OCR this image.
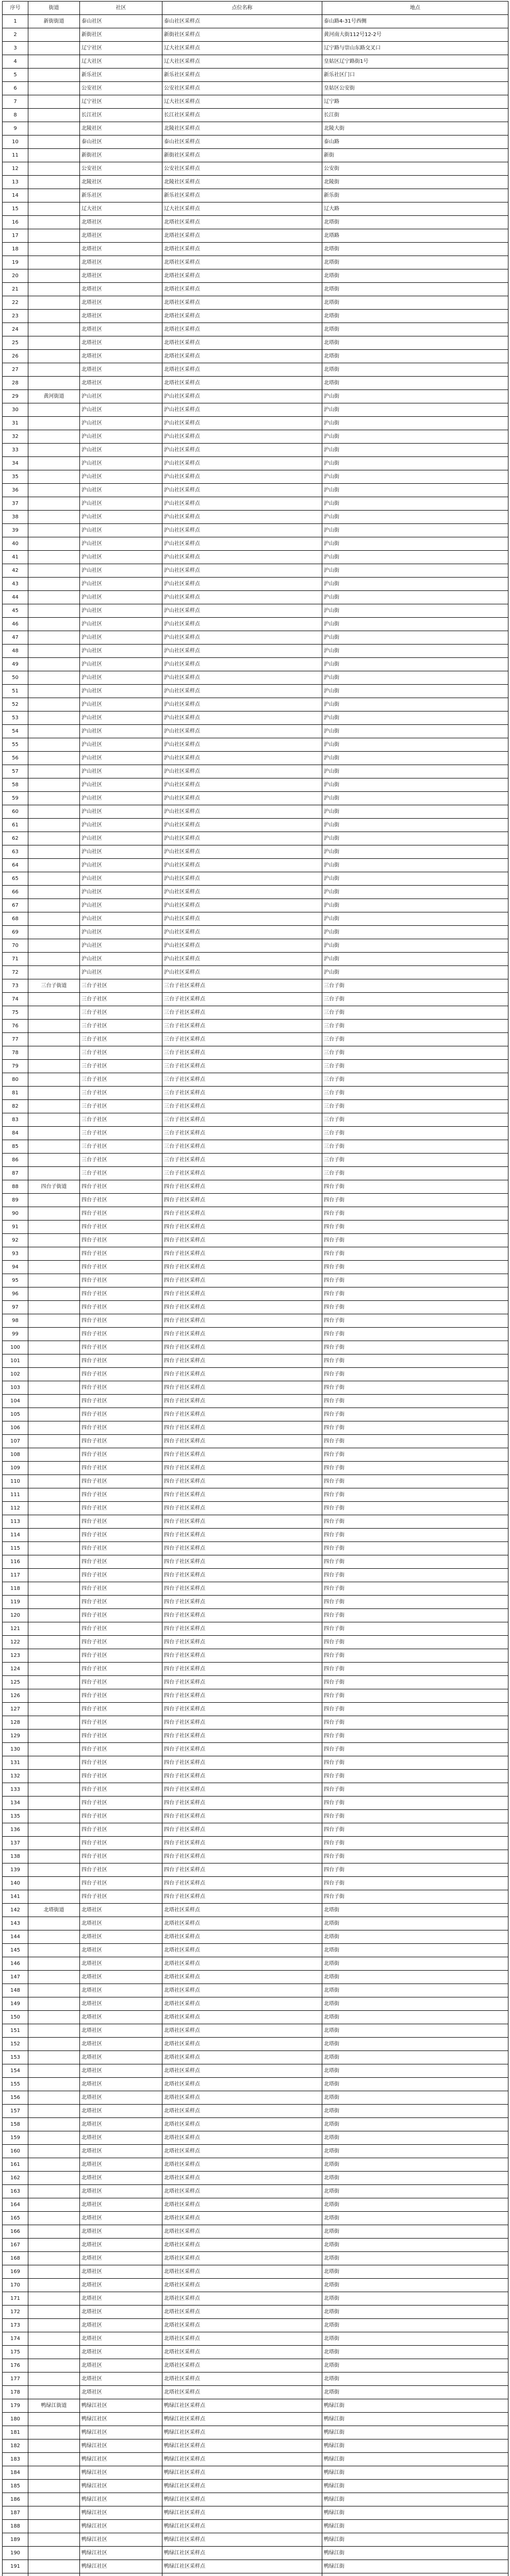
序号	街道	社区	点位名称	地点
1	新街街道	泰山社区	泰山社区采样点	泰山路4-31号西侧
2		新街社区	新街社区采样点	黄河南大街112号12-2号
3		辽宁社区	辽大社区采样点	辽宁路与崇山东路交叉口
4		辽大社区	辽大社区采样点	皇姑区辽宁路街1号
5		新乐社区	新乐社区采样点	新乐社区门口
6		公安社区	公安社区采样点	皇姑区公安街
7		辽宁社区	辽大社区采样点	辽宁路
8		长江社区	长江社区采样点	长江街
9		北陵社区	北陵社区采样点	北陵大街
10		泰山社区	泰山社区采样点	泰山路
11		新街社区	新街社区采样点	新街
12		公安社区	公安社区采样点	公安街
13		北陵社区	北陵社区采样点	北陵街
14		新乐社区	新乐社区采样点	新乐街
15		辽大社区	辽大社区采样点	辽大路
16		北塔社区	北塔社区采样点	北塔街
17		北塔社区	北塔社区采样点	北塔路
18		北塔社区	北塔社区采样点	北塔街
19		北塔社区	北塔社区采样点	北塔街
20		北塔社区	北塔社区采样点	北塔街
21		北塔社区	北塔社区采样点	北塔街
22		北塔社区	北塔社区采样点	北塔街
23		北塔社区	北塔社区采样点	北塔街
24		北塔社区	北塔社区采样点	北塔街
25		北塔社区	北塔社区采样点	北塔街
26		北塔社区	北塔社区采样点	北塔街
27		北塔社区	北塔社区采样点	北塔街
28		北塔社区	北塔社区采样点	北塔街
29	黄河街道	沪山社区	沪山社区采样点	沪山街
30		沪山社区	沪山社区采样点	沪山街
31		沪山社区	沪山社区采样点	沪山街
32		沪山社区	沪山社区采样点	沪山街
33		沪山社区	沪山社区采样点	沪山街
34		沪山社区	沪山社区采样点	沪山街
35		沪山社区	沪山社区采样点	沪山街
36		沪山社区	沪山社区采样点	沪山街
37		沪山社区	沪山社区采样点	沪山街
38		沪山社区	沪山社区采样点	沪山街
39		沪山社区	沪山社区采样点	沪山街
40		沪山社区	沪山社区采样点	沪山街
41		沪山社区	沪山社区采样点	沪山街
42		沪山社区	沪山社区采样点	沪山街
43		沪山社区	沪山社区采样点	沪山街
44		沪山社区	沪山社区采样点	沪山街
45		沪山社区	沪山社区采样点	沪山街
46		沪山社区	沪山社区采样点	沪山街
47		沪山社区	沪山社区采样点	沪山街
48		沪山社区	沪山社区采样点	沪山街
49		沪山社区	沪山社区采样点	沪山街
50		沪山社区	沪山社区采样点	沪山街
51		沪山社区	沪山社区采样点	沪山街
52		沪山社区	沪山社区采样点	沪山街
53		沪山社区	沪山社区采样点	沪山街
54		沪山社区	沪山社区采样点	沪山街
55		沪山社区	沪山社区采样点	沪山街
56		沪山社区	沪山社区采样点	沪山街
57		沪山社区	沪山社区采样点	沪山街
58		沪山社区	沪山社区采样点	沪山街
59		沪山社区	沪山社区采样点	沪山街
60		沪山社区	沪山社区采样点	沪山街
61		沪山社区	沪山社区采样点	沪山街
62		沪山社区	沪山社区采样点	沪山街
63		沪山社区	沪山社区采样点	沪山街
64		沪山社区	沪山社区采样点	沪山街
65		沪山社区	沪山社区采样点	沪山街
66		沪山社区	沪山社区采样点	沪山街
67		沪山社区	沪山社区采样点	沪山街
68		沪山社区	沪山社区采样点	沪山街
69		沪山社区	沪山社区采样点	沪山街
70		沪山社区	沪山社区采样点	沪山街
71		沪山社区	沪山社区采样点	沪山街
72		沪山社区	沪山社区采样点	沪山街
73	三台子街道	三台子社区	三台子社区采样点	三台子街
74		三台子社区	三台子社区采样点	三台子街
75		三台子社区	三台子社区采样点	三台子街
76		三台子社区	三台子社区采样点	三台子街
77		三台子社区	三台子社区采样点	三台子街
78		三台子社区	三台子社区采样点	三台子街
79		三台子社区	三台子社区采样点	三台子街
80		三台子社区	三台子社区采样点	三台子街
81		三台子社区	三台子社区采样点	三台子街
82		三台子社区	三台子社区采样点	三台子街
83		三台子社区	三台子社区采样点	三台子街
84		三台子社区	三台子社区采样点	三台子街
85		三台子社区	三台子社区采样点	三台子街
86		三台子社区	三台子社区采样点	三台子街
87		三台子社区	三台子社区采样点	三台子街
88	四台子街道	四台子社区	四台子社区采样点	四台子街
89		四台子社区	四台子社区采样点	四台子街
90		四台子社区	四台子社区采样点	四台子街
91		四台子社区	四台子社区采样点	四台子街
92		四台子社区	四台子社区采样点	四台子街
93		四台子社区	四台子社区采样点	四台子街
94		四台子社区	四台子社区采样点	四台子街
95		四台子社区	四台子社区采样点	四台子街
96		四台子社区	四台子社区采样点	四台子街
97		四台子社区	四台子社区采样点	四台子街
98		四台子社区	四台子社区采样点	四台子街
99		四台子社区	四台子社区采样点	四台子街
100		四台子社区	四台子社区采样点	四台子街
101		四台子社区	四台子社区采样点	四台子街
102		四台子社区	四台子社区采样点	四台子街
103		四台子社区	四台子社区采样点	四台子街
104		四台子社区	四台子社区采样点	四台子街
105		四台子社区	四台子社区采样点	四台子街
106		四台子社区	四台子社区采样点	四台子街
107		四台子社区	四台子社区采样点	四台子街
108		四台子社区	四台子社区采样点	四台子街
109		四台子社区	四台子社区采样点	四台子街
110		四台子社区	四台子社区采样点	四台子街
111		四台子社区	四台子社区采样点	四台子街
112		四台子社区	四台子社区采样点	四台子街
113		四台子社区	四台子社区采样点	四台子街
114		四台子社区	四台子社区采样点	四台子街
115		四台子社区	四台子社区采样点	四台子街
116		四台子社区	四台子社区采样点	四台子街
117		四台子社区	四台子社区采样点	四台子街
118		四台子社区	四台子社区采样点	四台子街
119		四台子社区	四台子社区采样点	四台子街
120		四台子社区	四台子社区采样点	四台子街
121		四台子社区	四台子社区采样点	四台子街
122		四台子社区	四台子社区采样点	四台子街
123		四台子社区	四台子社区采样点	四台子街
124		四台子社区	四台子社区采样点	四台子街
125		四台子社区	四台子社区采样点	四台子街
126		四台子社区	四台子社区采样点	四台子街
127		四台子社区	四台子社区采样点	四台子街
128		四台子社区	四台子社区采样点	四台子街
129		四台子社区	四台子社区采样点	四台子街
130		四台子社区	四台子社区采样点	四台子街
131		四台子社区	四台子社区采样点	四台子街
132		四台子社区	四台子社区采样点	四台子街
133		四台子社区	四台子社区采样点	四台子街
134		四台子社区	四台子社区采样点	四台子街
135		四台子社区	四台子社区采样点	四台子街
136		四台子社区	四台子社区采样点	四台子街
137		四台子社区	四台子社区采样点	四台子街
138		四台子社区	四台子社区采样点	四台子街
139		四台子社区	四台子社区采样点	四台子街
140		四台子社区	四台子社区采样点	四台子街
141		四台子社区	四台子社区采样点	四台子街
142	北塔街道	北塔社区	北塔社区采样点	北塔街
143		北塔社区	北塔社区采样点	北塔街
144		北塔社区	北塔社区采样点	北塔街
145		北塔社区	北塔社区采样点	北塔街
146		北塔社区	北塔社区采样点	北塔街
147		北塔社区	北塔社区采样点	北塔街
148		北塔社区	北塔社区采样点	北塔街
149		北塔社区	北塔社区采样点	北塔街
150		北塔社区	北塔社区采样点	北塔街
151		北塔社区	北塔社区采样点	北塔街
152		北塔社区	北塔社区采样点	北塔街
153		北塔社区	北塔社区采样点	北塔街
154		北塔社区	北塔社区采样点	北塔街
155		北塔社区	北塔社区采样点	北塔街
156		北塔社区	北塔社区采样点	北塔街
157		北塔社区	北塔社区采样点	北塔街
158		北塔社区	北塔社区采样点	北塔街
159		北塔社区	北塔社区采样点	北塔街
160		北塔社区	北塔社区采样点	北塔街
161		北塔社区	北塔社区采样点	北塔街
162		北塔社区	北塔社区采样点	北塔街
163		北塔社区	北塔社区采样点	北塔街
164		北塔社区	北塔社区采样点	北塔街
165		北塔社区	北塔社区采样点	北塔街
166		北塔社区	北塔社区采样点	北塔街
167		北塔社区	北塔社区采样点	北塔街
168		北塔社区	北塔社区采样点	北塔街
169		北塔社区	北塔社区采样点	北塔街
170		北塔社区	北塔社区采样点	北塔街
171		北塔社区	北塔社区采样点	北塔街
172		北塔社区	北塔社区采样点	北塔街
173		北塔社区	北塔社区采样点	北塔街
174		北塔社区	北塔社区采样点	北塔街
175		北塔社区	北塔社区采样点	北塔街
176		北塔社区	北塔社区采样点	北塔街
177		北塔社区	北塔社区采样点	北塔街
178		北塔社区	北塔社区采样点	北塔街
179	鸭绿江街道	鸭绿江社区	鸭绿江社区采样点	鸭绿江街
180		鸭绿江社区	鸭绿江社区采样点	鸭绿江街
181		鸭绿江社区	鸭绿江社区采样点	鸭绿江街
182		鸭绿江社区	鸭绿江社区采样点	鸭绿江街
183		鸭绿江社区	鸭绿江社区采样点	鸭绿江街
184		鸭绿江社区	鸭绿江社区采样点	鸭绿江街
185		鸭绿江社区	鸭绿江社区采样点	鸭绿江街
186		鸭绿江社区	鸭绿江社区采样点	鸭绿江街
187		鸭绿江社区	鸭绿江社区采样点	鸭绿江街
188		鸭绿江社区	鸭绿江社区采样点	鸭绿江街
189		鸭绿江社区	鸭绿江社区采样点	鸭绿江街
190		鸭绿江社区	鸭绿江社区采样点	鸭绿江街
191		鸭绿江社区	鸭绿江社区采样点	鸭绿江街
